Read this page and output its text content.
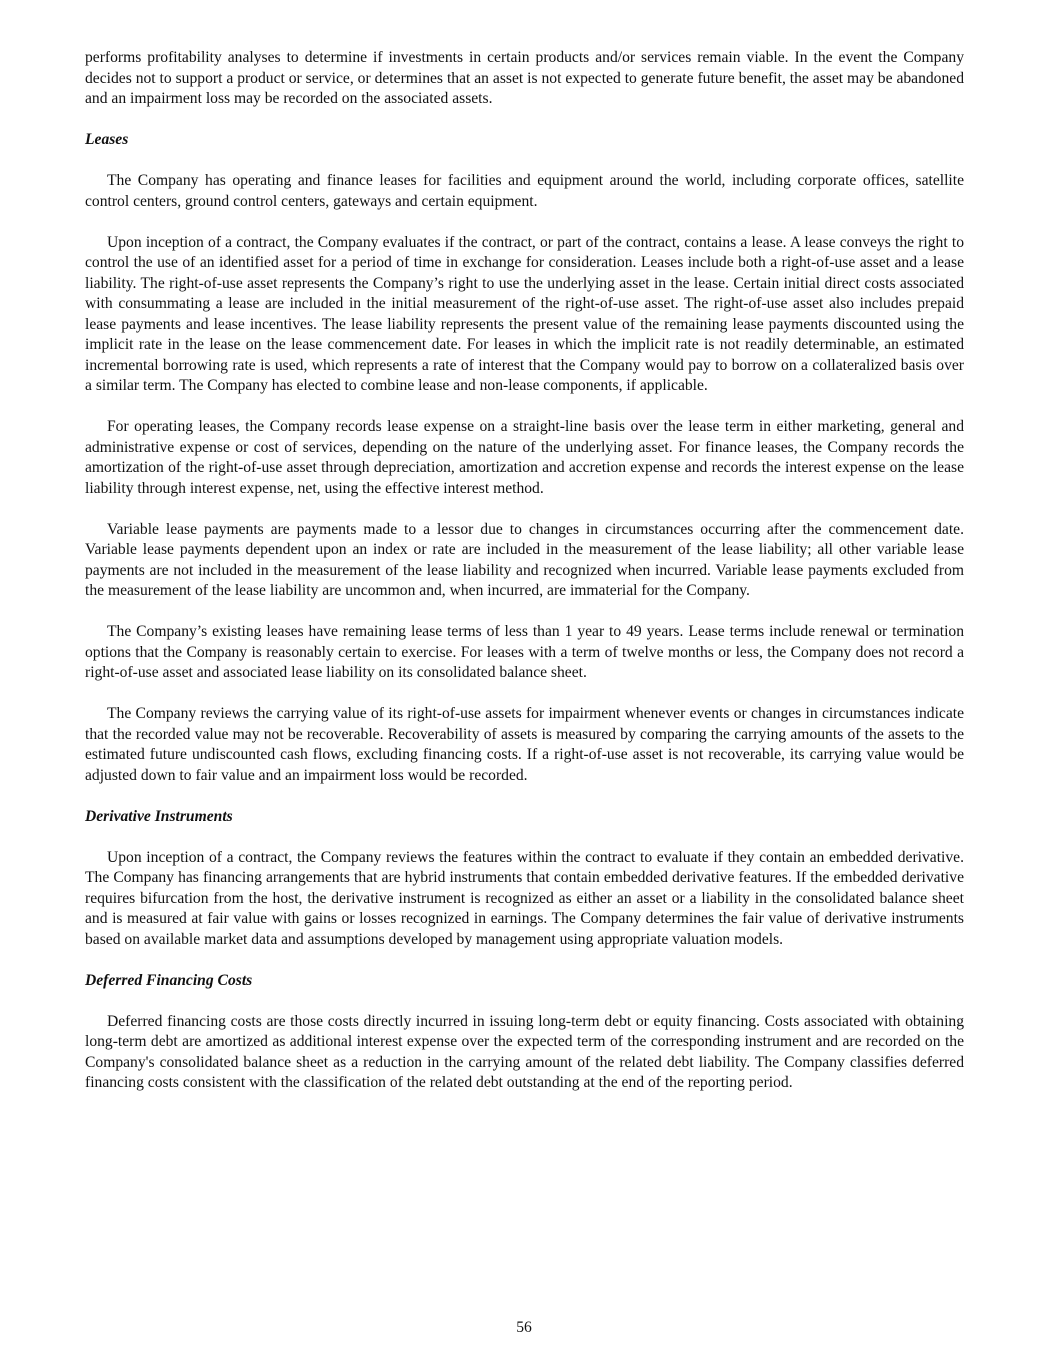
performs profitability analyses to determine if investments in certain products and/or services remain viable. In the event the Company decides not to support a product or service, or determines that an asset is not expected to generate future benefit, the asset may be abandoned and an impairment loss may be recorded on the associated assets.

Leases

The Company has operating and finance leases for facilities and equipment around the world, including corporate offices, satellite control centers, ground control centers, gateways and certain equipment.

Upon inception of a contract, the Company evaluates if the contract, or part of the contract, contains a lease. A lease conveys the right to control the use of an identified asset for a period of time in exchange for consideration. Leases include both a right-of-use asset and a lease liability. The right-of-use asset represents the Company’s right to use the underlying asset in the lease. Certain initial direct costs associated with consummating a lease are included in the initial measurement of the right-of-use asset. The right-of-use asset also includes prepaid lease payments and lease incentives. The lease liability represents the present value of the remaining lease payments discounted using the implicit rate in the lease on the lease commencement date. For leases in which the implicit rate is not readily determinable, an estimated incremental borrowing rate is used, which represents a rate of interest that the Company would pay to borrow on a collateralized basis over a similar term. The Company has elected to combine lease and non-lease components, if applicable.

For operating leases, the Company records lease expense on a straight-line basis over the lease term in either marketing, general and administrative expense or cost of services, depending on the nature of the underlying asset. For finance leases, the Company records the amortization of the right-of-use asset through depreciation, amortization and accretion expense and records the interest expense on the lease liability through interest expense, net, using the effective interest method.

Variable lease payments are payments made to a lessor due to changes in circumstances occurring after the commencement date. Variable lease payments dependent upon an index or rate are included in the measurement of the lease liability; all other variable lease payments are not included in the measurement of the lease liability and recognized when incurred. Variable lease payments excluded from the measurement of the lease liability are uncommon and, when incurred, are immaterial for the Company.

The Company’s existing leases have remaining lease terms of less than 1 year to 49 years. Lease terms include renewal or termination options that the Company is reasonably certain to exercise. For leases with a term of twelve months or less, the Company does not record a right-of-use asset and associated lease liability on its consolidated balance sheet.

The Company reviews the carrying value of its right-of-use assets for impairment whenever events or changes in circumstances indicate that the recorded value may not be recoverable. Recoverability of assets is measured by comparing the carrying amounts of the assets to the estimated future undiscounted cash flows, excluding financing costs. If a right-of-use asset is not recoverable, its carrying value would be adjusted down to fair value and an impairment loss would be recorded.

Derivative Instruments

Upon inception of a contract, the Company reviews the features within the contract to evaluate if they contain an embedded derivative. The Company has financing arrangements that are hybrid instruments that contain embedded derivative features. If the embedded derivative requires bifurcation from the host, the derivative instrument is recognized as either an asset or a liability in the consolidated balance sheet and is measured at fair value with gains or losses recognized in earnings. The Company determines the fair value of derivative instruments based on available market data and assumptions developed by management using appropriate valuation models.

Deferred Financing Costs

Deferred financing costs are those costs directly incurred in issuing long-term debt or equity financing. Costs associated with obtaining long-term debt are amortized as additional interest expense over the expected term of the corresponding instrument and are recorded on the Company's consolidated balance sheet as a reduction in the carrying amount of the related debt liability. The Company classifies deferred financing costs consistent with the classification of the related debt outstanding at the end of the reporting period.

56
